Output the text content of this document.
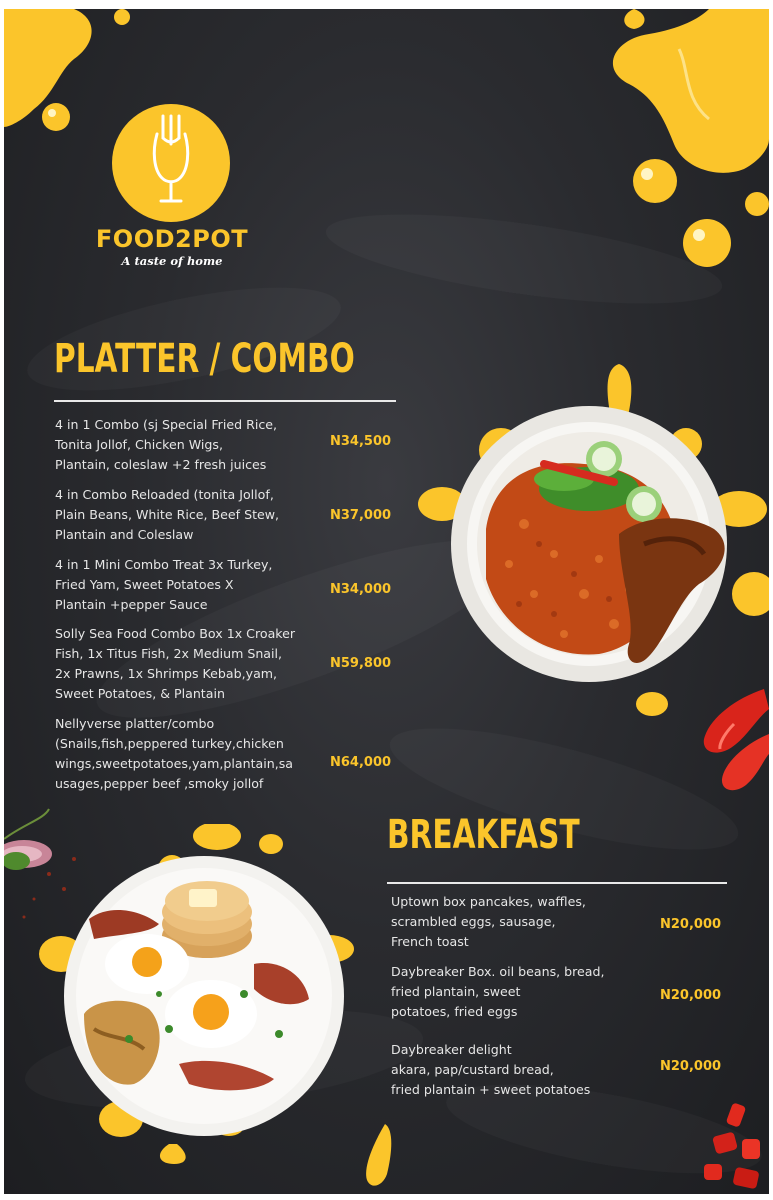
FOOD2POT
A taste of home
PLATTER / COMBO
4 in 1 Combo (sj Special Fried Rice,
Tonita Jollof, Chicken Wigs,
Plantain, coleslaw +2 fresh juices
N34,500
4 in Combo Reloaded (tonita Jollof,
Plain Beans, White Rice, Beef Stew,
Plantain and Coleslaw
N37,000
4 in 1 Mini Combo Treat 3x Turkey,
Fried Yam, Sweet Potatoes X
Plantain +pepper Sauce
N34,000
Solly Sea Food Combo Box 1x Croaker
Fish, 1x Titus Fish, 2x Medium Snail,
2x Prawns, 1x Shrimps Kebab,yam,
Sweet Potatoes, & Plantain
N59,800
Nellyverse platter/combo
(Snails,fish,peppered turkey,chicken
wings,sweetpotatoes,yam,plantain,sa
usages,pepper beef ,smoky jollof
N64,000
BREAKFAST
Uptown box pancakes, waffles,
scrambled eggs, sausage,
French toast
N20,000
Daybreaker Box. oil beans, bread,
fried plantain, sweet
potatoes, fried eggs
N20,000
Daybreaker delight
akara, pap/custard bread,
fried plantain + sweet potatoes
N20,000
